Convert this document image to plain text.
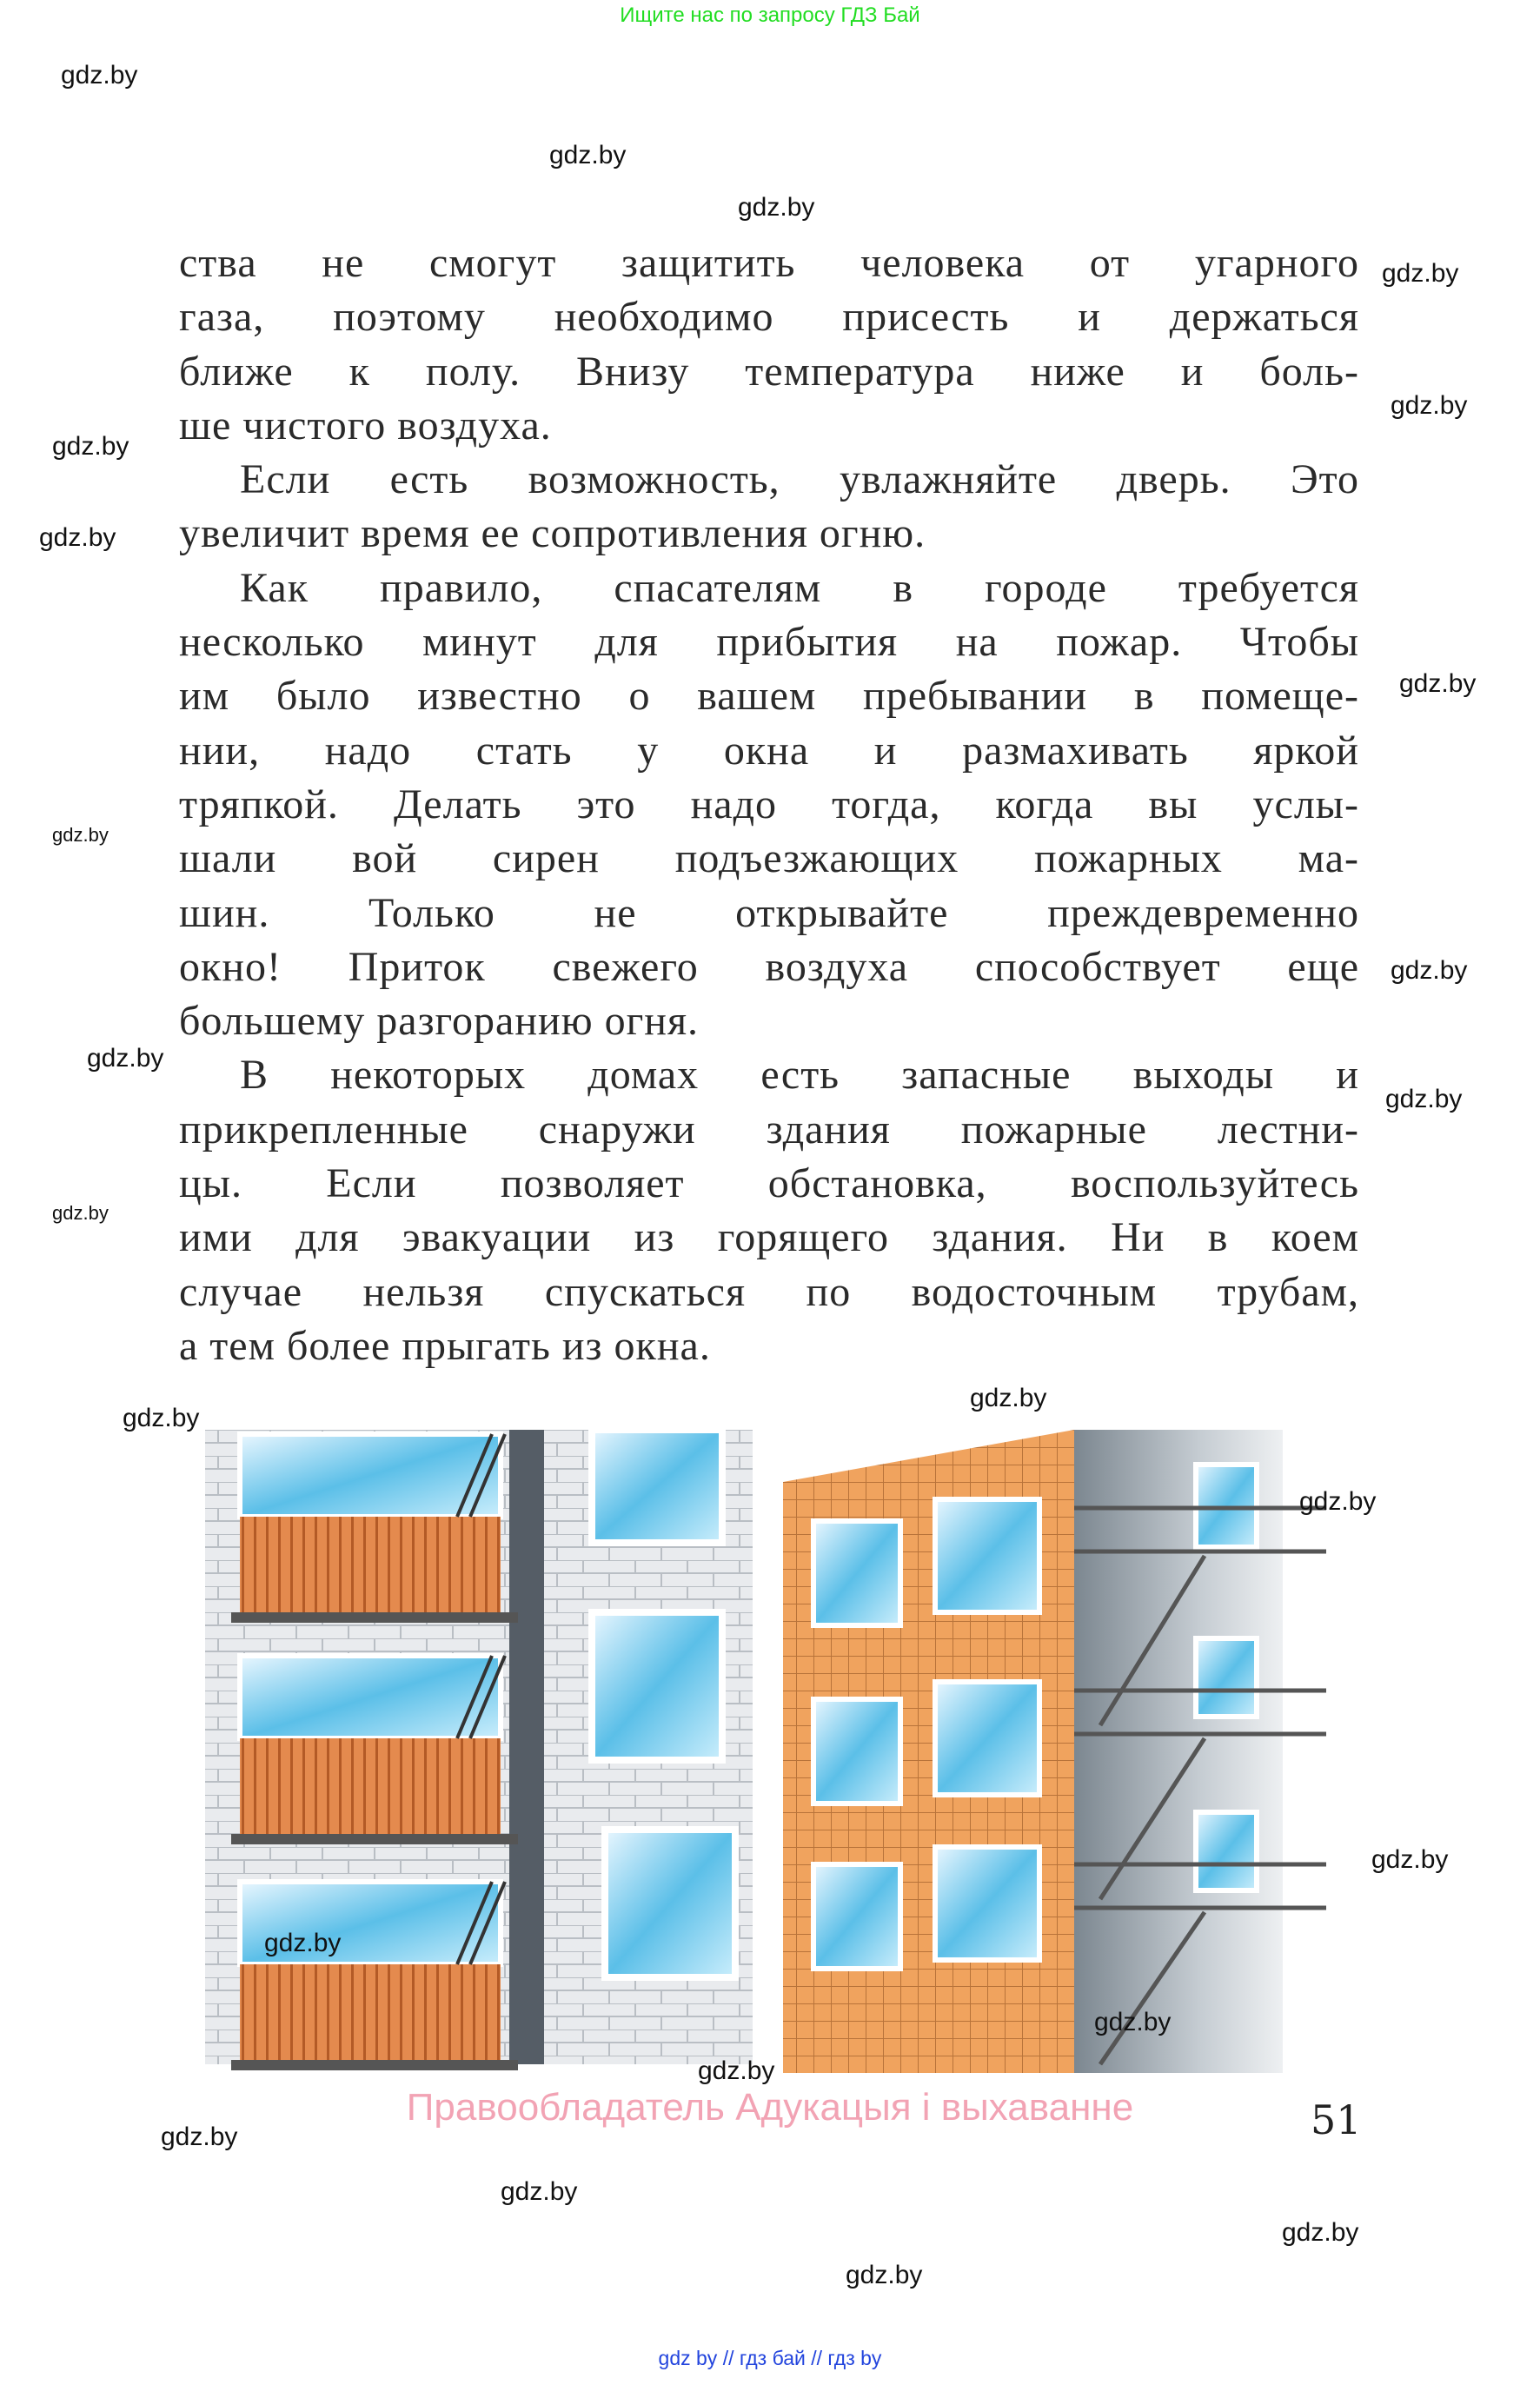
Ищите нас по запросу ГДЗ Бай
ства не смогут защитить человека от угарного
газа, поэтому необходимо присесть и держаться
ближе к полу. Внизу температура ниже и боль-
ше чистого воздуха.
Если есть возможность, увлажняйте дверь. Это
увеличит время ее сопротивления огню.
Как правило, спасателям в городе требуется
несколько минут для прибытия на пожар. Чтобы
им было известно о вашем пребывании в помеще-
нии, надо стать у окна и размахивать яркой
тряпкой. Делать это надо тогда, когда вы услы-
шали вой сирен подъезжающих пожарных ма-
шин. Только не открывайте преждевременно
окно! Приток свежего воздуха способствует еще
большему разгоранию огня.
В некоторых домах есть запасные выходы и
прикрепленные снаружи здания пожарные лестни-
цы. Если позволяет обстановка, воспользуйтесь
ими для эвакуации из горящего здания. Ни в коем
случае нельзя спускаться по водосточным трубам,
а тем более прыгать из окна.
Правообладатель Адукацыя і выхаванне	51
gdz by // гдз бай // гдз by
gdz.by
gdz.by
gdz.by
gdz.by
gdz.by
gdz.by
gdz.by
gdz.by
gdz.by
gdz.by
gdz.by
gdz.by
gdz.by
gdz.by
gdz.by
gdz.by
gdz.by
gdz.by
gdz.by
gdz.by
gdz.by
gdz.by
gdz.by
gdz.by
